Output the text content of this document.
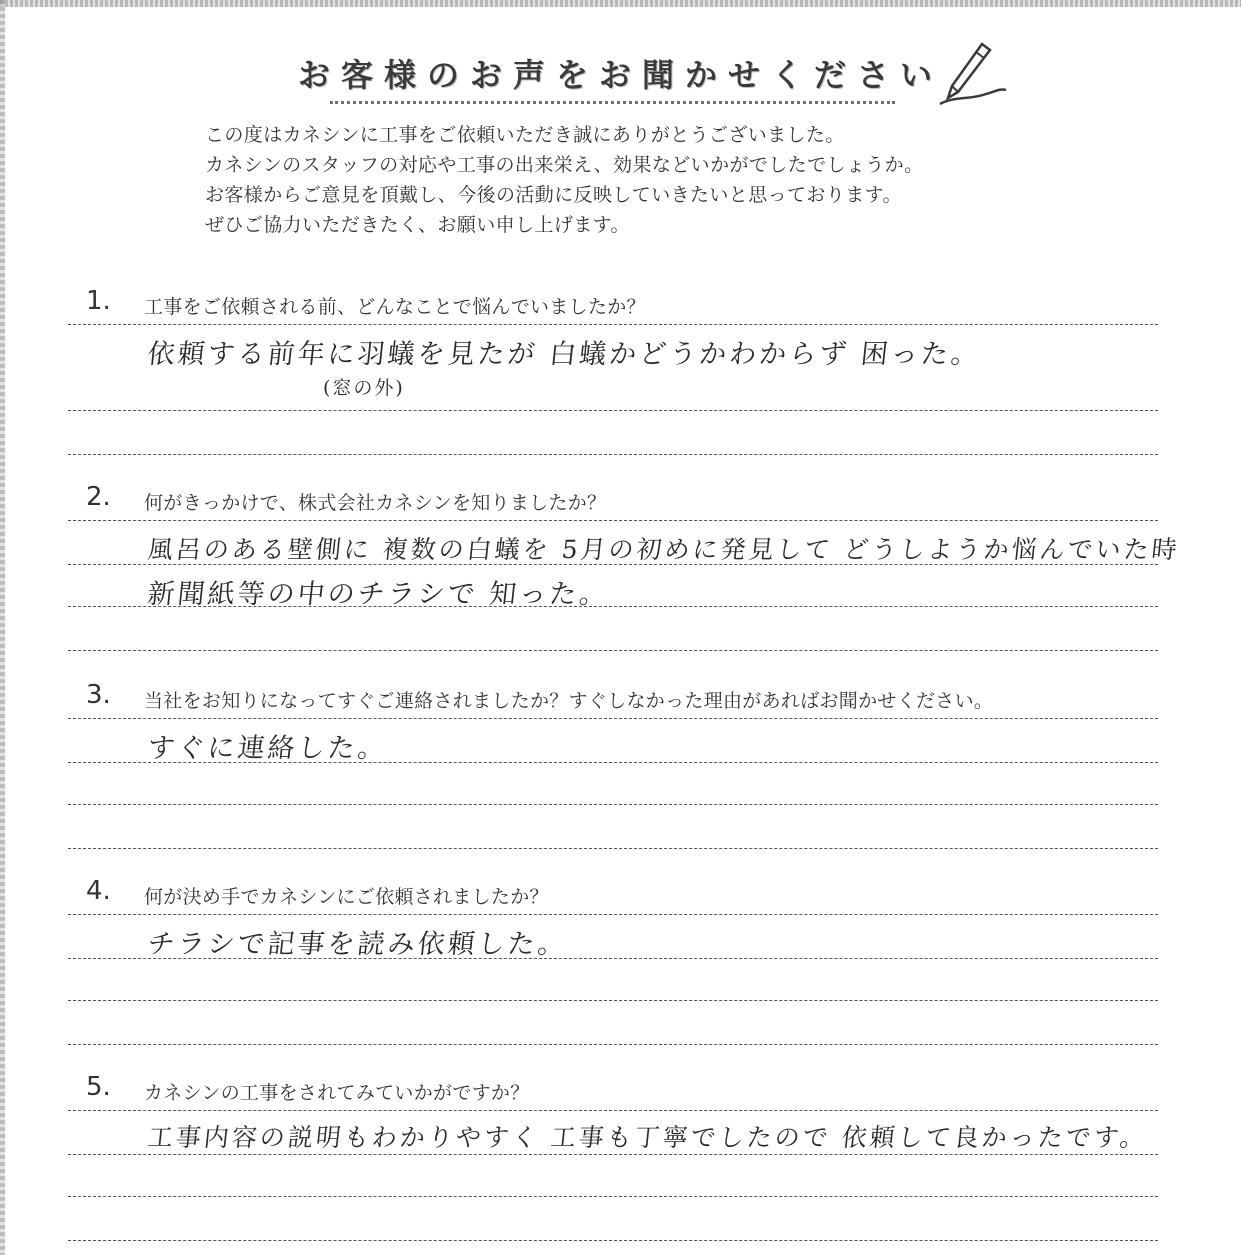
お客様のお声をお聞かせください

この度はカネシンに工事をご依頼いただき誠にありがとうございました。

カネシンのスタッフの対応や工事の出来栄え、効果などいかがでしたでしょうか。

お客様からご意見を頂戴し、今後の活動に反映していきたいと思っております。

ぜひご協力いただきたく、お願い申し上げます。

1. 工事をご依頼される前、どんなことで悩んでいましたか？
依頼する前年に羽蟻を見たが 白蟻かどうかわからず 困った。
(窓の外)
2. 何がきっかけで、株式会社カネシンを知りましたか？
風呂のある壁側に 複数の白蟻を 5月の初めに発見して どうしようか悩んでいた時
新聞紙等の中のチラシで 知った。
3. 当社をお知りになってすぐご連絡されましたか？すぐしなかった理由があればお聞かせください。
すぐに連絡した。
4. 何が決め手でカネシンにご依頼されましたか？
チラシで記事を読み依頼した。
5. カネシンの工事をされてみていかがですか？
工事内容の説明もわかりやすく 工事も丁寧でしたので 依頼して良かったです。
